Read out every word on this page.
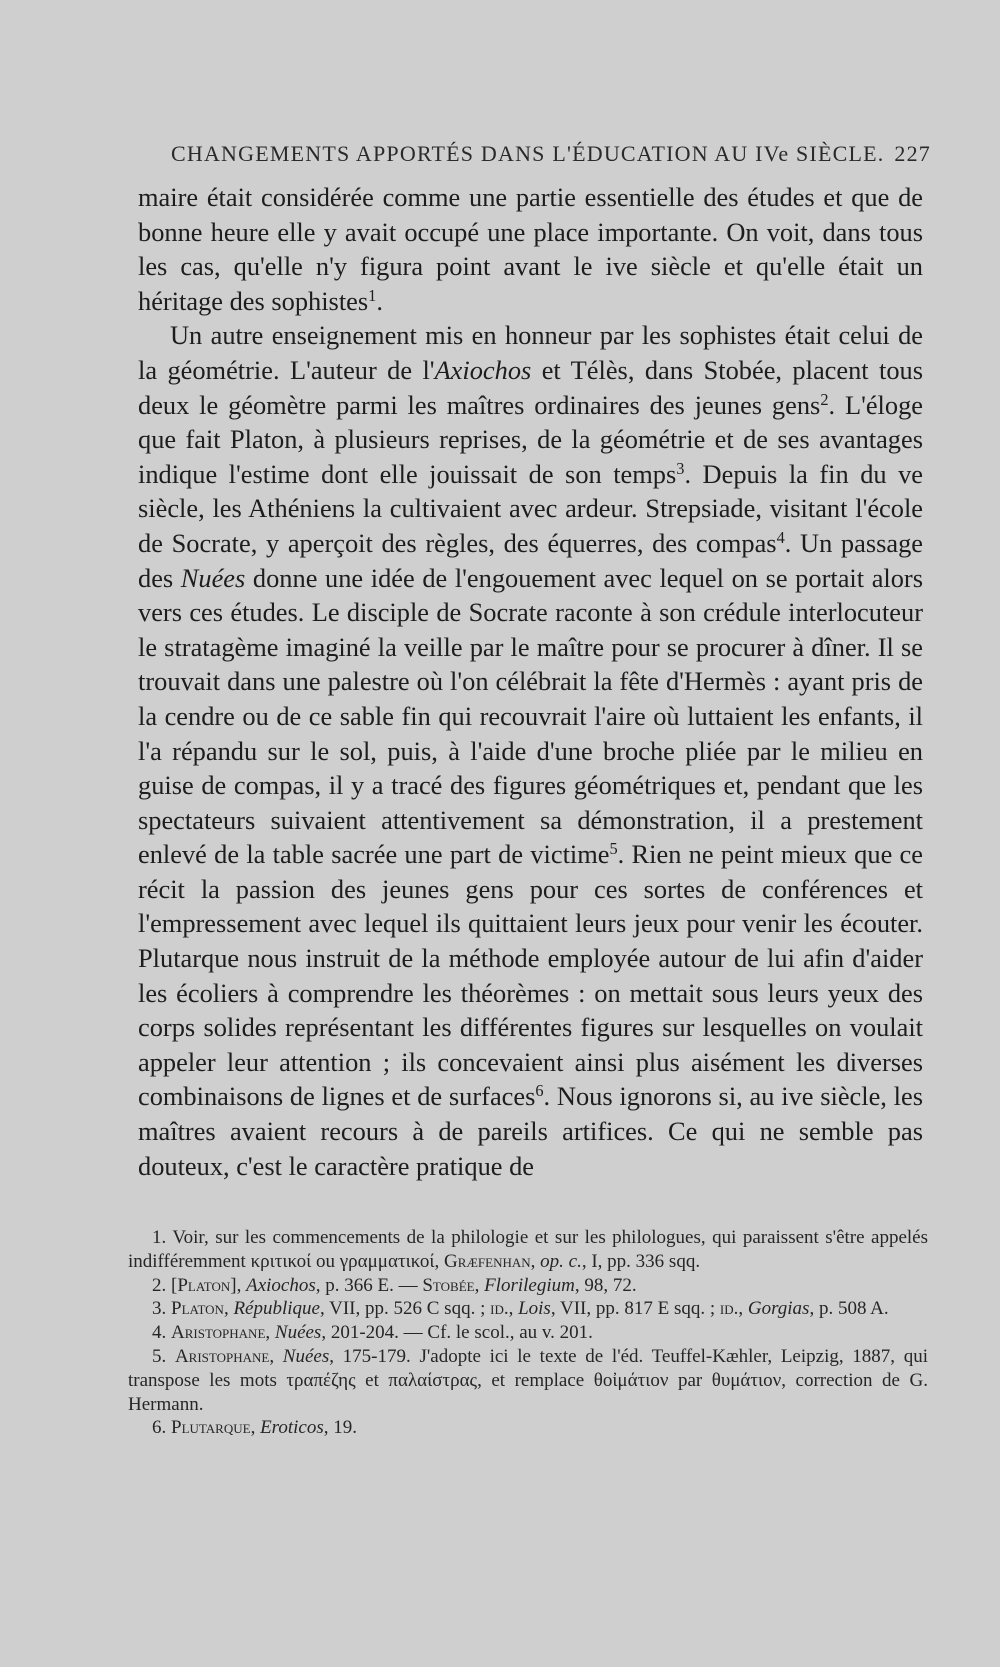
CHANGEMENTS APPORTÉS DANS L'ÉDUCATION AU IVe SIÈCLE. 227

maire était considérée comme une partie essentielle des études et que de bonne heure elle y avait occupé une place importante. On voit, dans tous les cas, qu'elle n'y figura point avant le ive siècle et qu'elle était un héritage des sophistes$^1$.

Un autre enseignement mis en honneur par les sophistes était celui de la géométrie. L'auteur de l'Axiochos et Télès, dans Stobée, placent tous deux le géomètre parmi les maîtres ordinaires des jeunes gens$^2$. L'éloge que fait Platon, à plusieurs reprises, de la géométrie et de ses avantages indique l'estime dont elle jouissait de son temps$^3$. Depuis la fin du ve siècle, les Athéniens la cultivaient avec ardeur. Strepsiade, visitant l'école de Socrate, y aperçoit des règles, des équerres, des compas$^4$. Un passage des Nuées donne une idée de l'engouement avec lequel on se portait alors vers ces études. Le disciple de Socrate raconte à son crédule interlocuteur le stratagème imaginé la veille par le maître pour se procurer à dîner. Il se trouvait dans une palestre où l'on célébrait la fête d'Hermès : ayant pris de la cendre ou de ce sable fin qui recouvrait l'aire où luttaient les enfants, il l'a répandu sur le sol, puis, à l'aide d'une broche pliée par le milieu en guise de compas, il y a tracé des figures géométriques et, pendant que les spectateurs suivaient attentivement sa démonstration, il a prestement enlevé de la table sacrée une part de victime$^5$. Rien ne peint mieux que ce récit la passion des jeunes gens pour ces sortes de conférences et l'empressement avec lequel ils quittaient leurs jeux pour venir les écouter. Plutarque nous instruit de la méthode employée autour de lui afin d'aider les écoliers à comprendre les théorèmes : on mettait sous leurs yeux des corps solides représentant les différentes figures sur lesquelles on voulait appeler leur attention ; ils concevaient ainsi plus aisément les diverses combinaisons de lignes et de surfaces$^6$. Nous ignorons si, au ive siècle, les maîtres avaient recours à de pareils artifices. Ce qui ne semble pas douteux, c'est le caractère pratique de

1. Voir, sur les commencements de la philologie et sur les philologues, qui paraissent s'être appelés indifféremment κριτικοί ou γραμματικοί, Græfenhan, op. c., I, pp. 336 sqq.

2. [Platon], Axiochos, p. 366 E. — Stobée, Florilegium, 98, 72.

3. Platon, République, VII, pp. 526 C sqq. ; id., Lois, VII, pp. 817 E sqq. ; id., Gorgias, p. 508 A.

4. Aristophane, Nuées, 201-204. — Cf. le scol., au v. 201.

5. Aristophane, Nuées, 175-179. J'adopte ici le texte de l'éd. Teuffel-Kæhler, Leipzig, 1887, qui transpose les mots τραπέζης et παλαίστρας, et remplace θοἰμάτιον par θυμάτιον, correction de G. Hermann.

6. Plutarque, Eroticos, 19.
